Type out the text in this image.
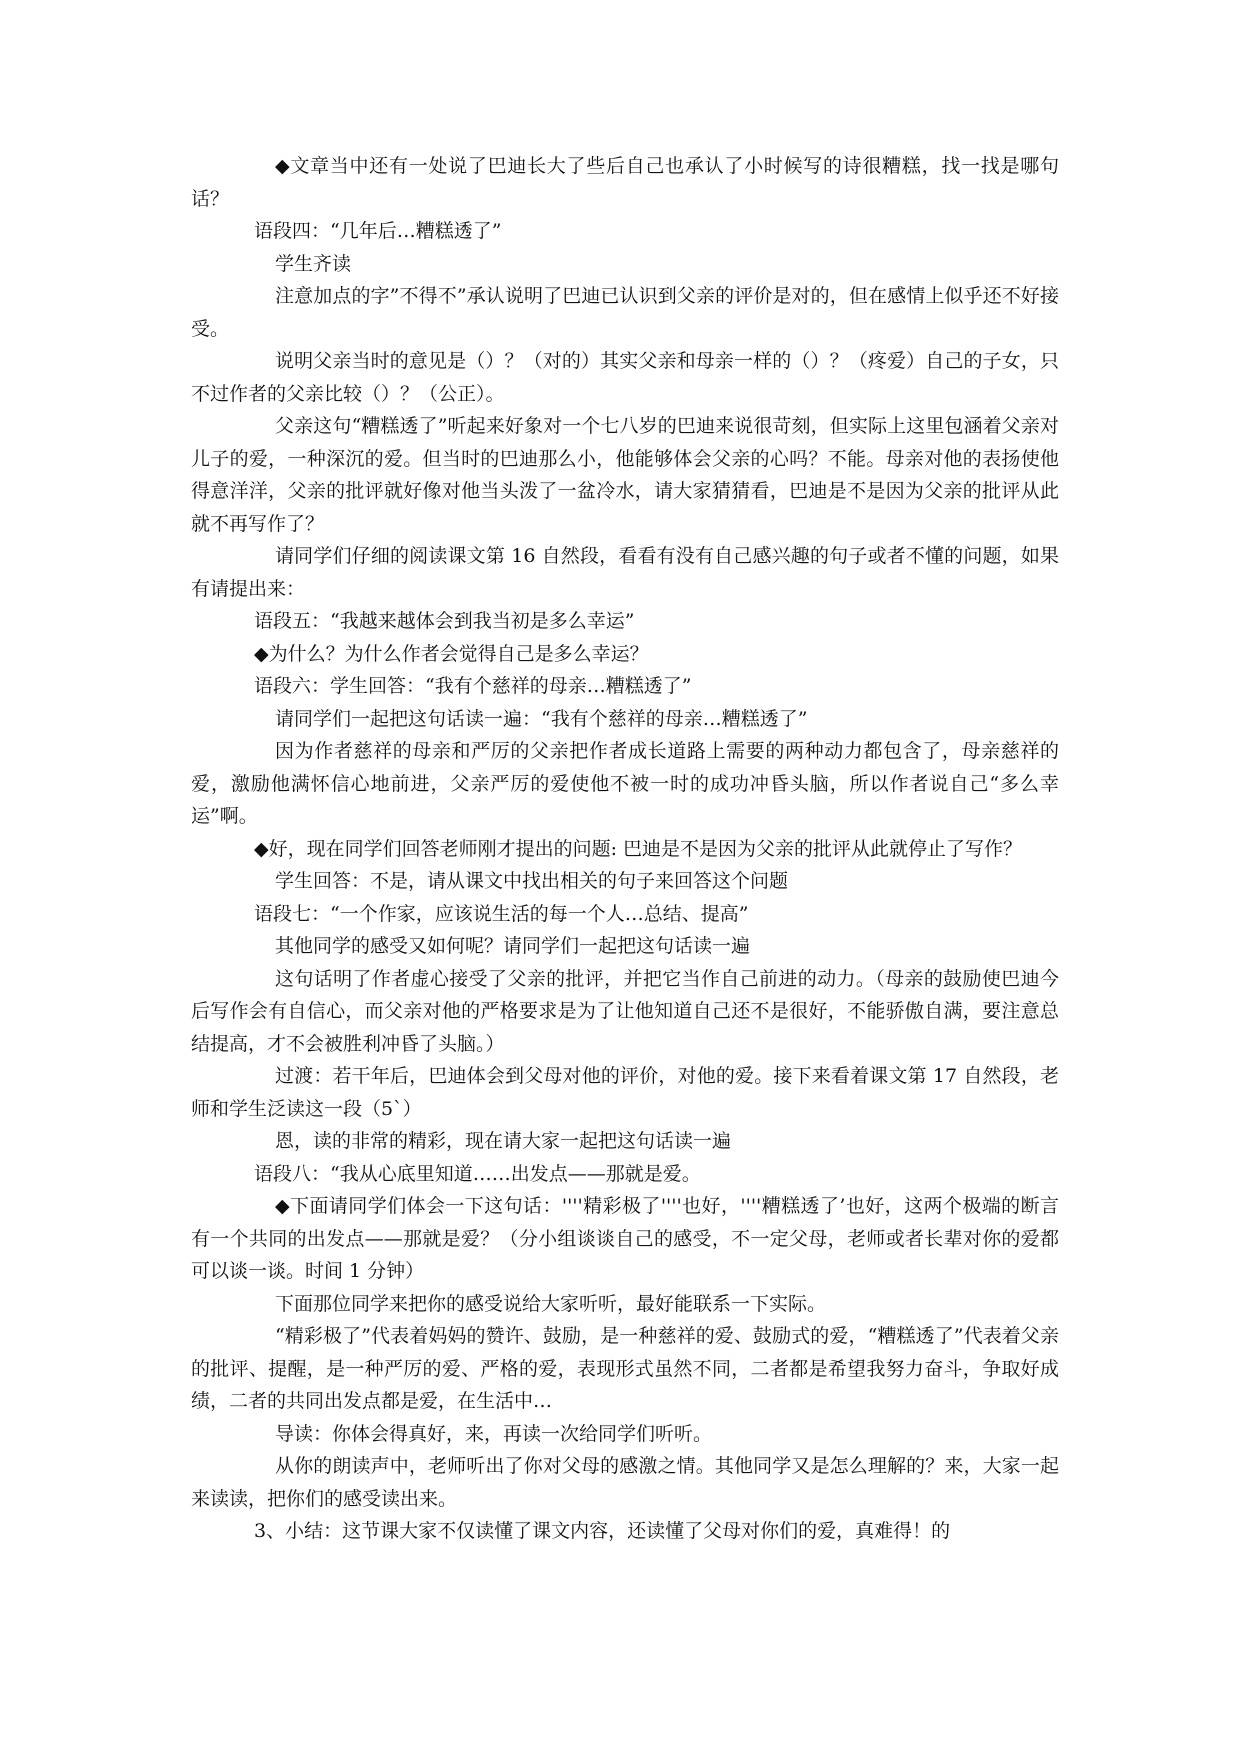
◆文章当中还有一处说了巴迪长大了些后自己也承认了小时候写的诗很糟糕，找一找是哪句话？

语段四：“几年后…糟糕透了”

学生齐读

注意加点的字”不得不”承认说明了巴迪已认识到父亲的评价是对的，但在感情上似乎还不好接受。

说明父亲当时的意见是（）？（对的）其实父亲和母亲一样的（）？（疼爱）自己的子女，只不过作者的父亲比较（）？（公正）。

父亲这句“糟糕透了”听起来好象对一个七八岁的巴迪来说很苛刻，但实际上这里包涵着父亲对儿子的爱，一种深沉的爱。但当时的巴迪那么小，他能够体会父亲的心吗？不能。母亲对他的表扬使他得意洋洋，父亲的批评就好像对他当头泼了一盆冷水，请大家猜猜看，巴迪是不是因为父亲的批评从此就不再写作了？

请同学们仔细的阅读课文第 16 自然段，看看有没有自己感兴趣的句子或者不懂的问题，如果有请提出来：

语段五：“我越来越体会到我当初是多么幸运”

◆为什么？为什么作者会觉得自己是多么幸运？

语段六：学生回答：“我有个慈祥的母亲…糟糕透了”

请同学们一起把这句话读一遍：“我有个慈祥的母亲…糟糕透了”

因为作者慈祥的母亲和严厉的父亲把作者成长道路上需要的两种动力都包含了，母亲慈祥的爱，激励他满怀信心地前进，父亲严厉的爱使他不被一时的成功冲昏头脑，所以作者说自己“多么幸运”啊。

◆好，现在同学们回答老师刚才提出的问题: 巴迪是不是因为父亲的批评从此就停止了写作？

学生回答：不是，请从课文中找出相关的句子来回答这个问题

语段七：“一个作家，应该说生活的每一个人…总结、提高”

其他同学的感受又如何呢？请同学们一起把这句话读一遍

这句话明了作者虚心接受了父亲的批评，并把它当作自己前进的动力。（母亲的鼓励使巴迪今后写作会有自信心，而父亲对他的严格要求是为了让他知道自己还不是很好，不能骄傲自满，要注意总结提高，才不会被胜利冲昏了头脑。）

过渡：若干年后，巴迪体会到父母对他的评价，对他的爱。接下来看着课文第 17 自然段，老师和学生泛读这一段（5`）

恩，读的非常的精彩，现在请大家一起把这句话读一遍

语段八：“我从心底里知道……出发点——那就是爱。

◆下面请同学们体会一下这句话：''''精彩极了''''也好，''''糟糕透了’也好，这两个极端的断言有一个共同的出发点——那就是爱？（分小组谈谈自己的感受，不一定父母，老师或者长辈对你的爱都可以谈一谈。时间 1 分钟）

下面那位同学来把你的感受说给大家听听，最好能联系一下实际。

“精彩极了”代表着妈妈的赞许、鼓励，是一种慈祥的爱、鼓励式的爱，“糟糕透了”代表着父亲的批评、提醒，是一种严厉的爱、严格的爱，表现形式虽然不同，二者都是希望我努力奋斗，争取好成绩，二者的共同出发点都是爱，在生活中…

导读：你体会得真好，来，再读一次给同学们听听。

从你的朗读声中，老师听出了你对父母的感激之情。其他同学又是怎么理解的？来，大家一起来读读，把你们的感受读出来。

3、小结：这节课大家不仅读懂了课文内容，还读懂了父母对你们的爱，真难得！的
